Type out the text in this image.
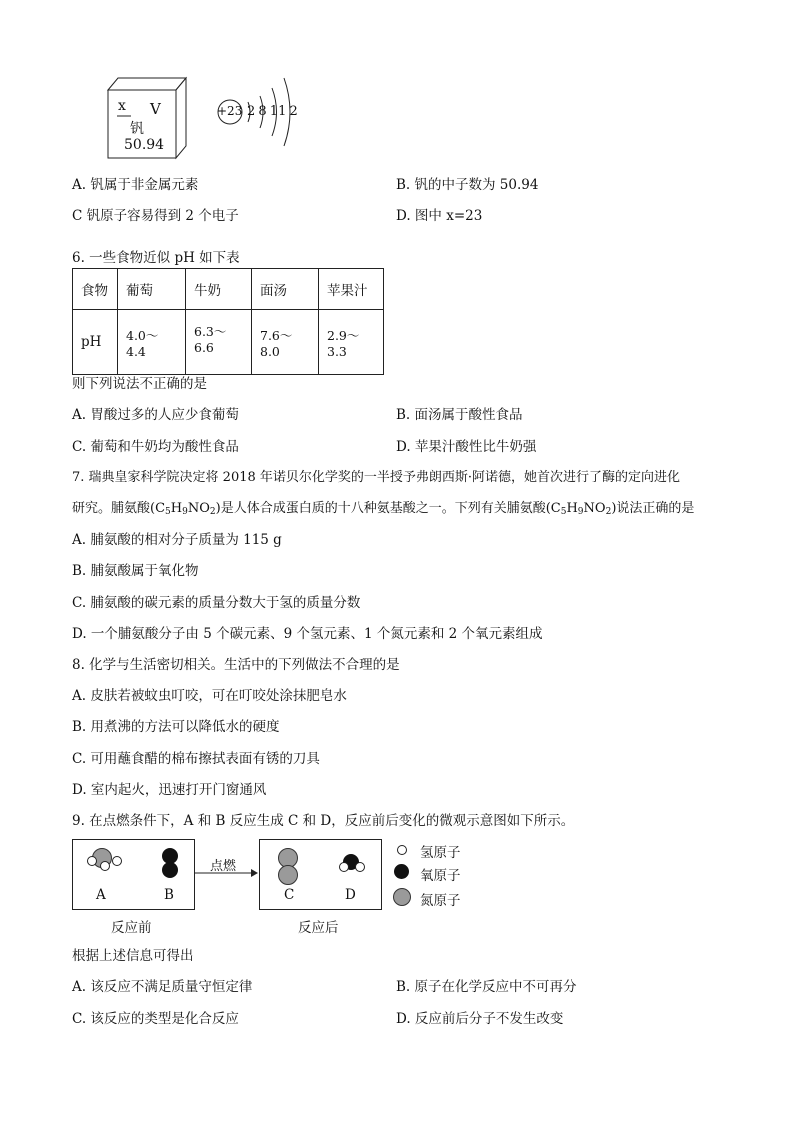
x V
钒
50.94
+23 2 8 11 2
A. 钒属于非金属元素	B. 钒的中子数为 50.94
C 钒原子容易得到 2 个电子	D. 图中 x=23
6. 一些食物近似 pH 如下表
食物	葡萄	牛奶	面汤	苹果汁
pH	4.0～4.4	6.3～6.6	7.6～8.0	2.9～3.3
则下列说法不正确的是
A. 胃酸过多的人应少食葡萄	B. 面汤属于酸性食品
C. 葡萄和牛奶均为酸性食品	D. 苹果汁酸性比牛奶强
7. 瑞典皇家科学院决定将 2018 年诺贝尔化学奖的一半授予弗朗西斯·阿诺德，她首次进行了酶的定向进化
研究。脯氨酸$(C_5H_9NO_2)$是人体合成蛋白质的十八种氨基酸之一。下列有关脯氨酸$(C_5H_9NO_2)$说法正确的是
A. 脯氨酸的相对分子质量为 115 g
B. 脯氨酸属于氧化物
C. 脯氨酸的碳元素的质量分数大于氢的质量分数
D. 一个脯氨酸分子由 5 个碳元素、9 个氢元素、1 个氮元素和 2 个氧元素组成
8. 化学与生活密切相关。生活中的下列做法不合理的是
A. 皮肤若被蚊虫叮咬，可在叮咬处涂抹肥皂水
B. 用煮沸的方法可以降低水的硬度
C. 可用蘸食醋的棉布擦拭表面有锈的刀具
D. 室内起火，迅速打开门窗通风
9. 在点燃条件下，A 和 B 反应生成 C 和 D，反应前后变化的微观示意图如下所示。
A	B
点燃
C	D
反应前	反应后
氢原子
氧原子
氮原子
根据上述信息可得出
A. 该反应不满足质量守恒定律	B. 原子在化学反应中不可再分
C. 该反应的类型是化合反应	D. 反应前后分子不发生改变
